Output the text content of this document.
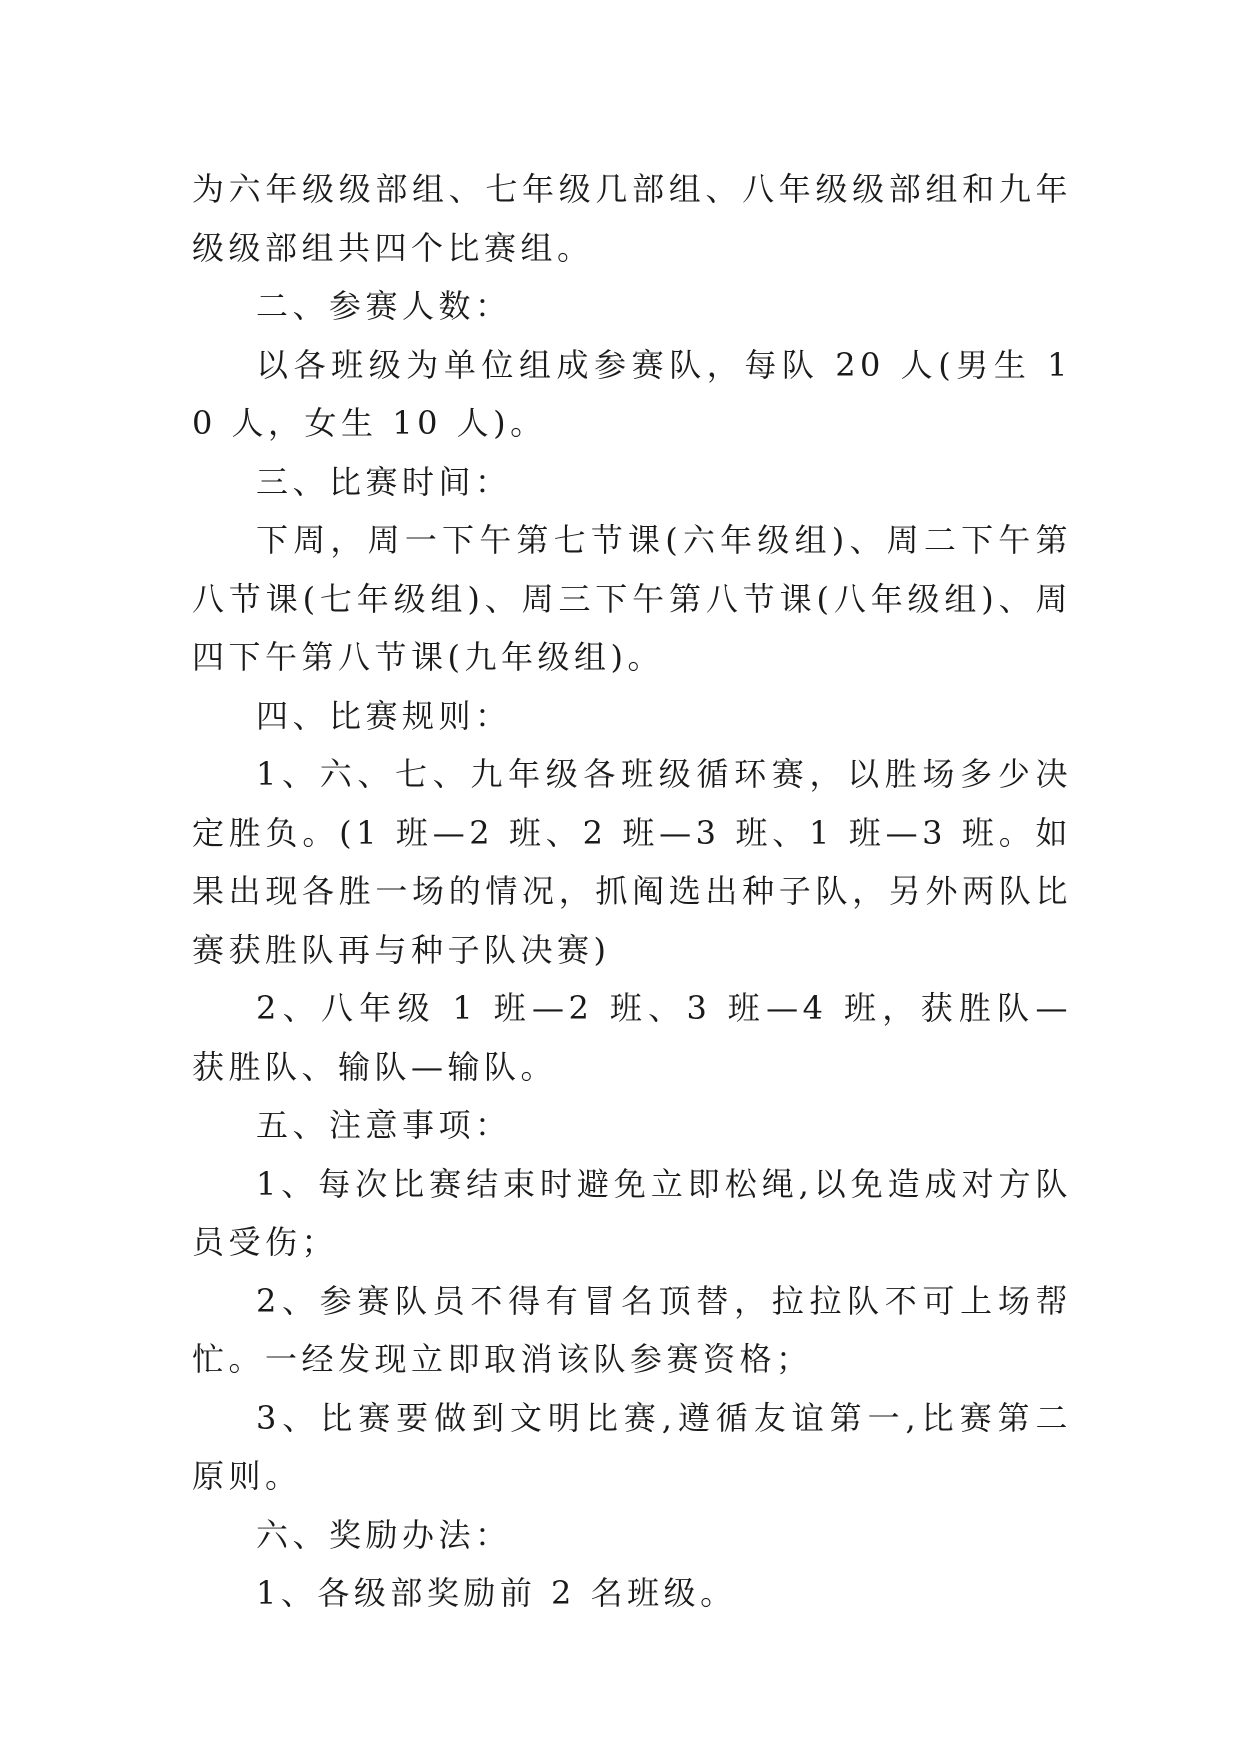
为六年级级部组、七年级几部组、八年级级部组和九年级级部组共四个比赛组。

二、参赛人数：

以各班级为单位组成参赛队，每队 20 人(男生 10 人，女生 10 人)。

三、比赛时间：

下周，周一下午第七节课(六年级组)、周二下午第八节课(七年级组)、周三下午第八节课(八年级组)、周四下午第八节课(九年级组)。

四、比赛规则：

1、六、七、九年级各班级循环赛，以胜场多少决定胜负。(1 班—2 班、2 班—3 班、1 班—3 班。如果出现各胜一场的情况，抓阄选出种子队，另外两队比赛获胜队再与种子队决赛)

2、八年级 1 班—2 班、3 班—4 班，获胜队—获胜队、输队—输队。

五、注意事项：

1、每次比赛结束时避免立即松绳,以免造成对方队员受伤；

2、参赛队员不得有冒名顶替，拉拉队不可上场帮忙。一经发现立即取消该队参赛资格；

3、比赛要做到文明比赛,遵循友谊第一,比赛第二原则。

六、奖励办法：

1、各级部奖励前 2 名班级。
